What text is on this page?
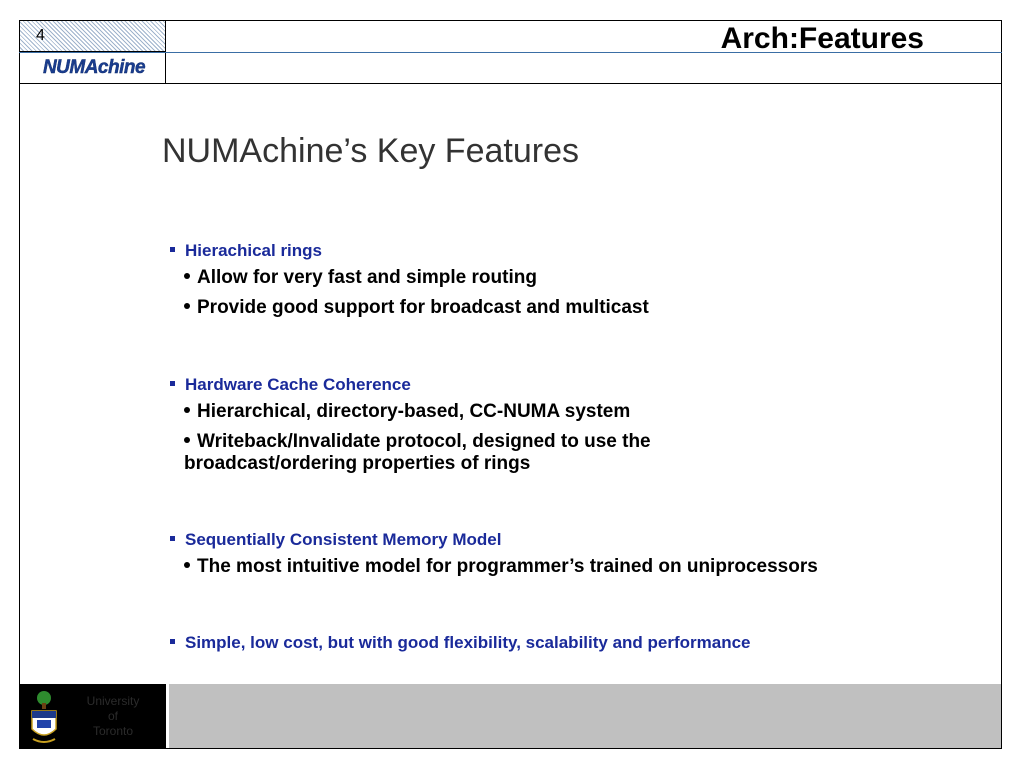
4
NUMAchine
Arch:Features
NUMAchine’s Key Features
Hierachical rings
Allow for very fast and simple routing
Provide good support for broadcast and multicast
Hardware Cache Coherence
Hierarchical, directory-based, CC-NUMA system
Writeback/Invalidate protocol, designed to use the
broadcast/ordering properties of rings
Sequentially Consistent Memory Model
The most intuitive model for programmer’s trained on uniprocessors
Simple, low cost, but with good flexibility, scalability and performance
University
of
Toronto
